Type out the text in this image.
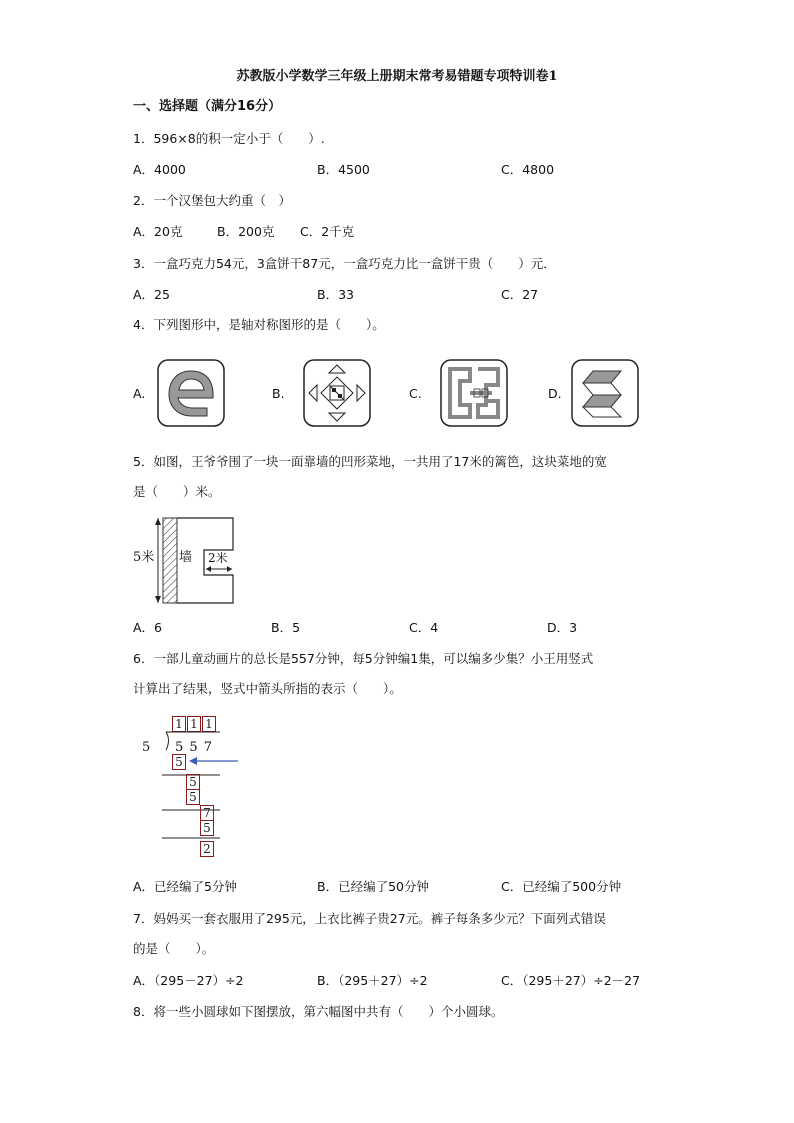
苏教版小学数学三年级上册期末常考易错题专项特训卷1
一、选择题（满分16分）
1．596×8的积一定小于（　　）.
A．4000	B．4500	C．4800
2．一个汉堡包大约重（　）
A．20克	B．200克 C．2千克
3．一盒巧克力54元，3盒饼干87元，一盒巧克力比一盒饼干贵（　　）元．
A．25	B．33	C．27
4．下列图形中，是轴对称图形的是（　　）。
A.	B.	C.	D.
5．如图，王爷爷围了一块一面靠墙的凹形菜地，一共用了17米的篱笆，这块菜地的宽
是（　　）米。
5米 墙 2米
A．6	B．5	C．4	D．3
6．一部儿童动画片的总长是557分钟，每5分钟编1集，可以编多少集？小王用竖式
计算出了结果，竖式中箭头所指的表示（　　）。
1 1 1
5 5 5 7
5
5
5
7
5
2
A．已经编了5分钟	B．已经编了50分钟	C．已经编了500分钟
7．妈妈买一套衣服用了295元，上衣比裤子贵27元。裤子每条多少元？下面列式错误
的是（　　）。
A．（295－27）÷2	B．（295＋27）÷2	C．（295＋27）÷2－27
8．将一些小圆球如下图摆放，第六幅图中共有（　　）个小圆球。
